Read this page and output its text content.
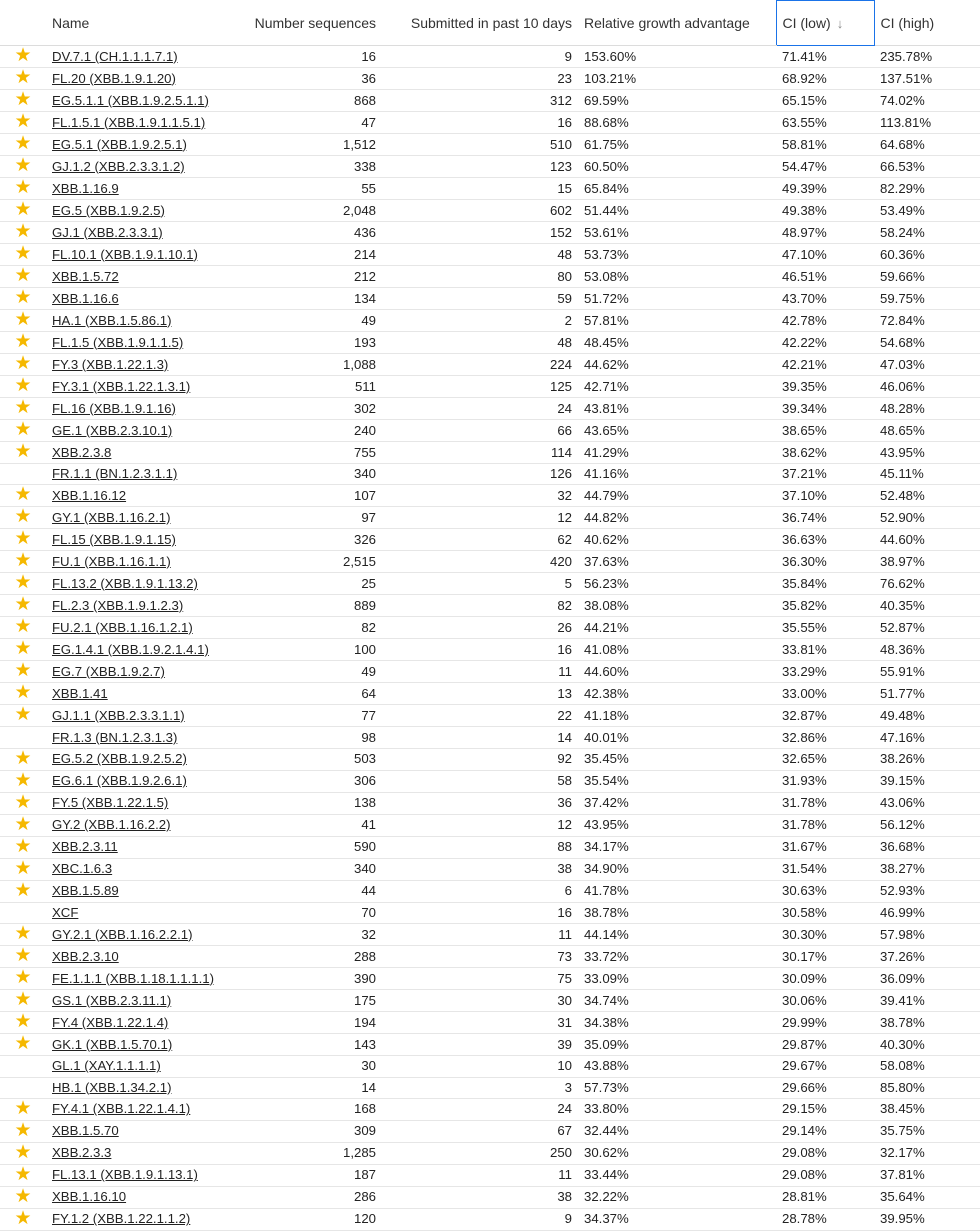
	Name	Number sequences	Submitted in past 10 days	Relative growth advantage	CI (low) ↓	CI (high)
★	DV.7.1 (CH.1.1.1.7.1)	16	9	153.60%	71.41%	235.78%
★	FL.20 (XBB.1.9.1.20)	36	23	103.21%	68.92%	137.51%
★	EG.5.1.1 (XBB.1.9.2.5.1.1)	868	312	69.59%	65.15%	74.02%
★	FL.1.5.1 (XBB.1.9.1.1.5.1)	47	16	88.68%	63.55%	113.81%
★	EG.5.1 (XBB.1.9.2.5.1)	1,512	510	61.75%	58.81%	64.68%
★	GJ.1.2 (XBB.2.3.3.1.2)	338	123	60.50%	54.47%	66.53%
★	XBB.1.16.9	55	15	65.84%	49.39%	82.29%
★	EG.5 (XBB.1.9.2.5)	2,048	602	51.44%	49.38%	53.49%
★	GJ.1 (XBB.2.3.3.1)	436	152	53.61%	48.97%	58.24%
★	FL.10.1 (XBB.1.9.1.10.1)	214	48	53.73%	47.10%	60.36%
★	XBB.1.5.72	212	80	53.08%	46.51%	59.66%
★	XBB.1.16.6	134	59	51.72%	43.70%	59.75%
★	HA.1 (XBB.1.5.86.1)	49	2	57.81%	42.78%	72.84%
★	FL.1.5 (XBB.1.9.1.1.5)	193	48	48.45%	42.22%	54.68%
★	FY.3 (XBB.1.22.1.3)	1,088	224	44.62%	42.21%	47.03%
★	FY.3.1 (XBB.1.22.1.3.1)	511	125	42.71%	39.35%	46.06%
★	FL.16 (XBB.1.9.1.16)	302	24	43.81%	39.34%	48.28%
★	GE.1 (XBB.2.3.10.1)	240	66	43.65%	38.65%	48.65%
★	XBB.2.3.8	755	114	41.29%	38.62%	43.95%
	FR.1.1 (BN.1.2.3.1.1)	340	126	41.16%	37.21%	45.11%
★	XBB.1.16.12	107	32	44.79%	37.10%	52.48%
★	GY.1 (XBB.1.16.2.1)	97	12	44.82%	36.74%	52.90%
★	FL.15 (XBB.1.9.1.15)	326	62	40.62%	36.63%	44.60%
★	FU.1 (XBB.1.16.1.1)	2,515	420	37.63%	36.30%	38.97%
★	FL.13.2 (XBB.1.9.1.13.2)	25	5	56.23%	35.84%	76.62%
★	FL.2.3 (XBB.1.9.1.2.3)	889	82	38.08%	35.82%	40.35%
★	FU.2.1 (XBB.1.16.1.2.1)	82	26	44.21%	35.55%	52.87%
★	EG.1.4.1 (XBB.1.9.2.1.4.1)	100	16	41.08%	33.81%	48.36%
★	EG.7 (XBB.1.9.2.7)	49	11	44.60%	33.29%	55.91%
★	XBB.1.41	64	13	42.38%	33.00%	51.77%
★	GJ.1.1 (XBB.2.3.3.1.1)	77	22	41.18%	32.87%	49.48%
	FR.1.3 (BN.1.2.3.1.3)	98	14	40.01%	32.86%	47.16%
★	EG.5.2 (XBB.1.9.2.5.2)	503	92	35.45%	32.65%	38.26%
★	EG.6.1 (XBB.1.9.2.6.1)	306	58	35.54%	31.93%	39.15%
★	FY.5 (XBB.1.22.1.5)	138	36	37.42%	31.78%	43.06%
★	GY.2 (XBB.1.16.2.2)	41	12	43.95%	31.78%	56.12%
★	XBB.2.3.11	590	88	34.17%	31.67%	36.68%
★	XBC.1.6.3	340	38	34.90%	31.54%	38.27%
★	XBB.1.5.89	44	6	41.78%	30.63%	52.93%
	XCF	70	16	38.78%	30.58%	46.99%
★	GY.2.1 (XBB.1.16.2.2.1)	32	11	44.14%	30.30%	57.98%
★	XBB.2.3.10	288	73	33.72%	30.17%	37.26%
★	FE.1.1.1 (XBB.1.18.1.1.1.1)	390	75	33.09%	30.09%	36.09%
★	GS.1 (XBB.2.3.11.1)	175	30	34.74%	30.06%	39.41%
★	FY.4 (XBB.1.22.1.4)	194	31	34.38%	29.99%	38.78%
★	GK.1 (XBB.1.5.70.1)	143	39	35.09%	29.87%	40.30%
	GL.1 (XAY.1.1.1.1)	30	10	43.88%	29.67%	58.08%
	HB.1 (XBB.1.34.2.1)	14	3	57.73%	29.66%	85.80%
★	FY.4.1 (XBB.1.22.1.4.1)	168	24	33.80%	29.15%	38.45%
★	XBB.1.5.70	309	67	32.44%	29.14%	35.75%
★	XBB.2.3.3	1,285	250	30.62%	29.08%	32.17%
★	FL.13.1 (XBB.1.9.1.13.1)	187	11	33.44%	29.08%	37.81%
★	XBB.1.16.10	286	38	32.22%	28.81%	35.64%
★	FY.1.2 (XBB.1.22.1.1.2)	120	9	34.37%	28.78%	39.95%
